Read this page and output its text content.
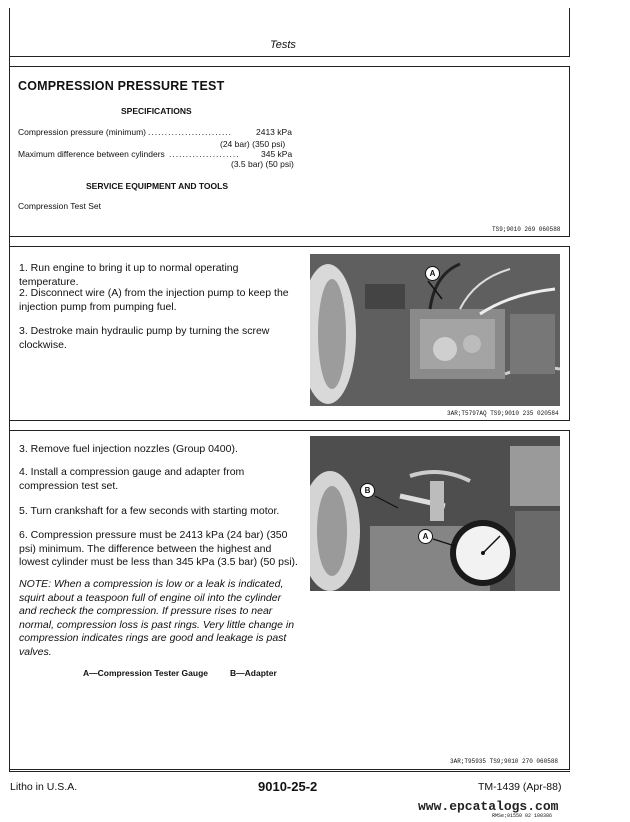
Tests
COMPRESSION PRESSURE TEST
SPECIFICATIONS
Compression pressure (minimum) .........................	2413 kPa
(24 bar) (350 psi)
Maximum difference between cylinders .....................	345 kPa
(3.5 bar) (50 psi)
SERVICE EQUIPMENT AND TOOLS
Compression Test Set
TS9;9010 269 060588
1. Run engine to bring it up to normal operating temperature.
2. Disconnect wire (A) from the injection pump to keep the injection pump from pumping fuel.
3. Destroke main hydraulic pump by turning the screw clockwise.
A
3AR;T5797AQ TS9;9010 235 020584
3. Remove fuel injection nozzles (Group 0400).
4. Install a compression gauge and adapter from compression test set.
5. Turn crankshaft for a few seconds with starting motor.
6. Compression pressure must be 2413 kPa (24 bar) (350 psi) minimum. The difference between the highest and lowest cylinder must be less than 345 kPa (3.5 bar) (50 psi).
NOTE: When a compression is low or a leak is indicated, squirt about a teaspoon full of engine oil into the cylinder and recheck the compression. If pressure rises to near normal, compression loss is past rings. Very little change in compression indicates rings are good and leakage is past valves.
A—Compression Tester Gauge	B—Adapter
B
A
3AR;T95935 TS9;9010 270 060588
Litho in U.S.A.	9010-25-2	TM-1439 (Apr-88)
www.epcatalogs.com
RMSe;01550 02 100386
